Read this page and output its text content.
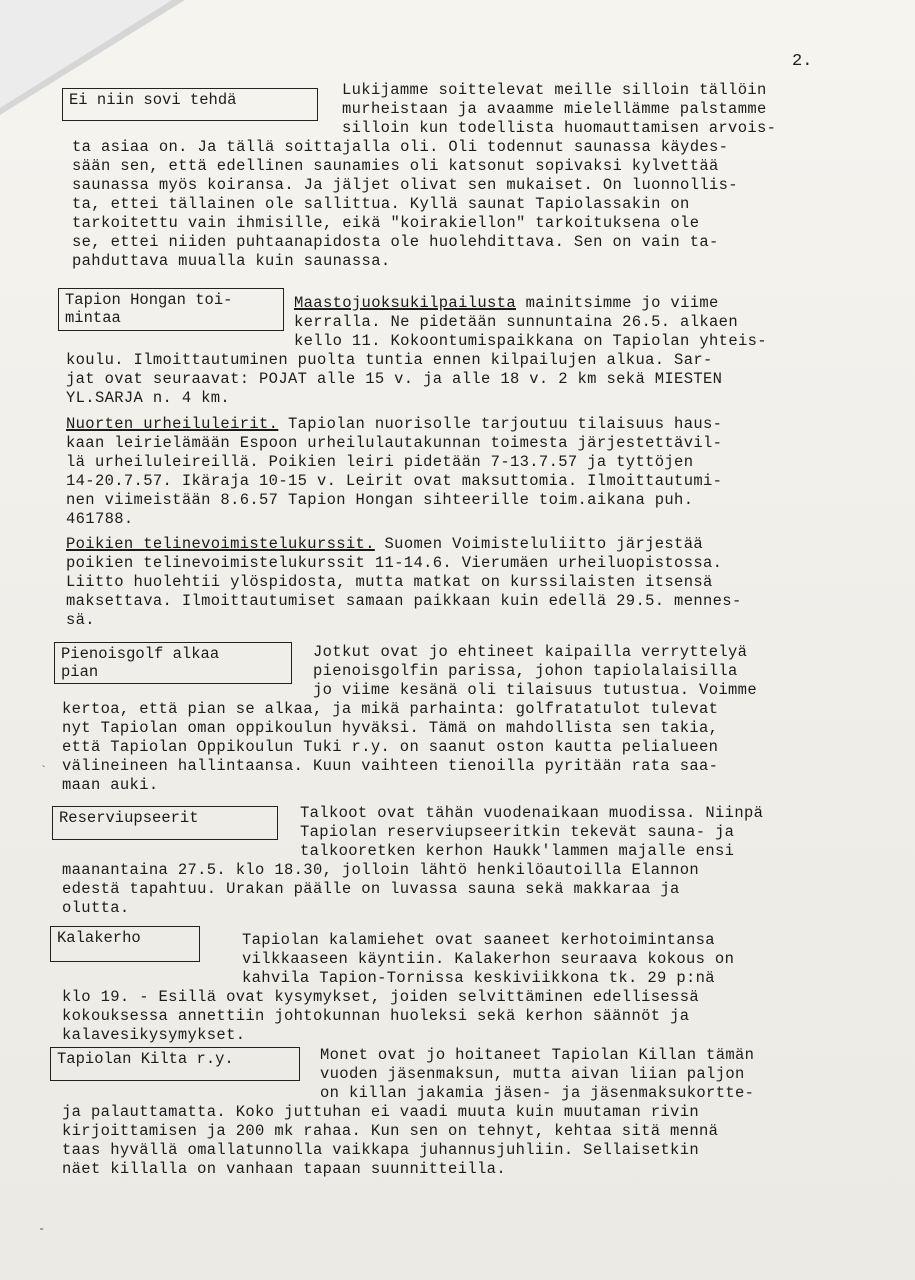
2.
Ei niin sovi tehdä
Lukijamme soittelevat meille silloin tällöin
murheistaan ja avaamme mielellämme palstamme
silloin kun todellista huomauttamisen arvois-
ta asiaa on. Ja tällä soittajalla oli. Oli todennut saunassa käydes-
sään sen, että edellinen saunamies oli katsonut sopivaksi kylvettää
saunassa myös koiransa. Ja jäljet olivat sen mukaiset. On luonnollis-
ta, ettei tällainen ole sallittua. Kyllä saunat Tapiolassakin on
tarkoitettu vain ihmisille, eikä "koirakiellon" tarkoituksena ole
se, ettei niiden puhtaanapidosta ole huolehdittava. Sen on vain ta-
pahduttava muualla kuin saunassa.
Tapion Hongan toi-
mintaa
Maastojuoksukilpailusta mainitsimme jo viime
kerralla. Ne pidetään sunnuntaina 26.5. alkaen
kello 11. Kokoontumispaikkana on Tapiolan yhteis-
koulu. Ilmoittautuminen puolta tuntia ennen kilpailujen alkua. Sar-
jat ovat seuraavat: POJAT alle 15 v. ja alle 18 v. 2 km sekä MIESTEN
YL.SARJA n. 4 km.
Nuorten urheiluleirit. Tapiolan nuorisolle tarjoutuu tilaisuus haus-
kaan leirielämään Espoon urheilulautakunnan toimesta järjestettävil-
lä urheiluleireillä. Poikien leiri pidetään 7-13.7.57 ja tyttöjen
14-20.7.57. Ikäraja 10-15 v. Leirit ovat maksuttomia. Ilmoittautumi-
nen viimeistään 8.6.57 Tapion Hongan sihteerille toim.aikana puh.
461788.
Poikien telinevoimistelukurssit. Suomen Voimisteluliitto järjestää
poikien telinevoimistelukurssit 11-14.6. Vierumäen urheiluopistossa.
Liitto huolehtii ylöspidosta, mutta matkat on kurssilaisten itsensä
maksettava. Ilmoittautumiset samaan paikkaan kuin edellä 29.5. mennes-
sä.
Pienoisgolf alkaa
pian
Jotkut ovat jo ehtineet kaipailla verryttelyä
pienoisgolfin parissa, johon tapiolalaisilla
jo viime kesänä oli tilaisuus tutustua. Voimme
kertoa, että pian se alkaa, ja mikä parhainta: golfratatulot tulevat
nyt Tapiolan oman oppikoulun hyväksi. Tämä on mahdollista sen takia,
että Tapiolan Oppikoulun Tuki r.y. on saanut oston kautta pelialueen
välineineen hallintaansa. Kuun vaihteen tienoilla pyritään rata saa-
maan auki.
`
Reserviupseerit	Talkoot ovat tähän vuodenaikaan muodissa. Niinpä
Tapiolan reserviupseeritkin tekevät sauna- ja
talkooretken kerhon Haukk'lammen majalle ensi
maanantaina 27.5. klo 18.30, jolloin lähtö henkilöautoilla Elannon
edestä tapahtuu. Urakan päälle on luvassa sauna sekä makkaraa ja
olutta.
Kalakerho	Tapiolan kalamiehet ovat saaneet kerhotoimintansa
vilkkaaseen käyntiin. Kalakerhon seuraava kokous on
kahvila Tapion-Tornissa keskiviikkona tk. 29 p:nä
klo 19. - Esillä ovat kysymykset, joiden selvittäminen edellisessä
kokouksessa annettiin johtokunnan huoleksi sekä kerhon säännöt ja
kalavesikysymykset.
Tapiolan Kilta r.y.	Monet ovat jo hoitaneet Tapiolan Killan tämän
vuoden jäsenmaksun, mutta aivan liian paljon
on killan jakamia jäsen- ja jäsenmaksukortte-
ja palauttamatta. Koko juttuhan ei vaadi muuta kuin muutaman rivin
kirjoittamisen ja 200 mk rahaa. Kun sen on tehnyt, kehtaa sitä mennä
taas hyvällä omallatunnolla vaikkapa juhannusjuhliin. Sellaisetkin
näet killalla on vanhaan tapaan suunnitteilla.
-
